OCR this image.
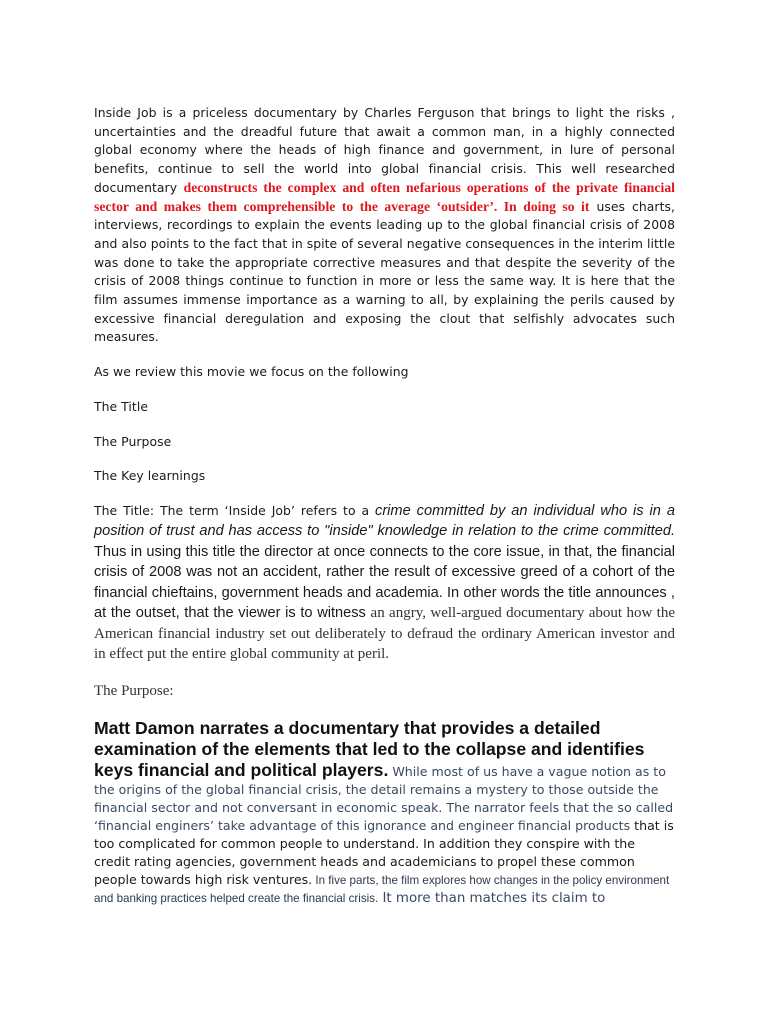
Inside Job is a priceless documentary by Charles Ferguson that brings to light the risks , uncertainties and the dreadful future that await a common man, in a highly connected global economy where the heads of high finance and government, in lure of personal benefits, continue to sell the world into global financial crisis. This well researched documentary deconstructs the complex and often nefarious operations of the private financial sector and makes them comprehensible to the average ‘outsider’. In doing so it uses charts, interviews, recordings to explain the events leading up to the global financial crisis of 2008 and also points to the fact that in spite of several negative consequences in the interim little was done to take the appropriate corrective measures and that despite the severity of the crisis of 2008 things continue to function in more or less the same way. It is here that the film assumes immense importance as a warning to all, by explaining the perils caused by excessive financial deregulation and exposing the clout that selfishly advocates such measures.

As we review this movie we focus on the following

The Title

The Purpose

The Key learnings

The Title: The term ‘Inside Job’ refers to a crime committed by an individual who is in a position of trust and has access to "inside" knowledge in relation to the crime committed. Thus in using this title the director at once connects to the core issue, in that, the financial crisis of 2008 was not an accident, rather the result of excessive greed of a cohort of the financial chieftains, government heads and academia. In other words the title announces , at the outset, that the viewer is to witness an angry, well-argued documentary about how the American financial industry set out deliberately to defraud the ordinary American investor and in effect put the entire global community at peril.

The Purpose:

Matt Damon narrates a documentary that provides a detailed examination of the elements that led to the collapse and identifies keys financial and political players. While most of us have a vague notion as to the origins of the global financial crisis, the detail remains a mystery to those outside the financial sector and not conversant in economic speak. The narrator feels that the so called ‘financial enginers’ take advantage of this ignorance and engineer financial products that is too complicated for common people to understand. In addition they conspire with the credit rating agencies, government heads and academicians to propel these common people towards high risk ventures. In five parts, the film explores how changes in the policy environment and banking practices helped create the financial crisis. It more than matches its claim to
